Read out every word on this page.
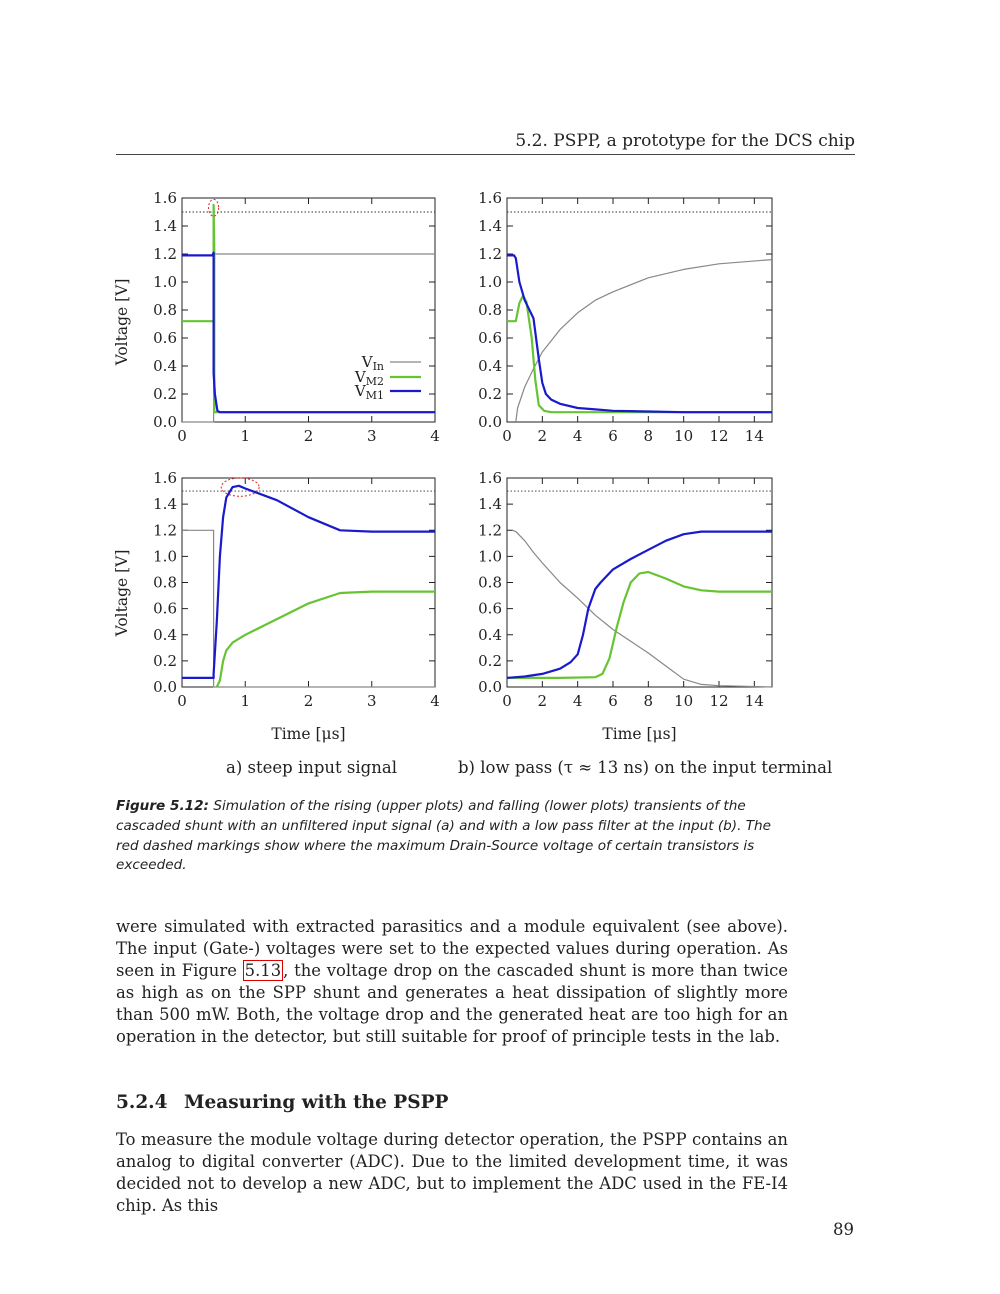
5.2. PSPP, a prototype for the DCS chip
0.0
0.2
0.4
0.6
0.8
1.0
1.2
1.4
1.6
0	1	2	3	4
Voltage [V]
0.0
0.2
0.4
0.6
0.8
1.0
1.2
1.4
1.6
0 2 4 6 8 10 12 14
0.0
0.2
0.4
0.6
0.8
1.0
1.2
1.4
1.6
0	1	2	3	4
Voltage [V]
Time [μs]
0.0
0.2
0.4
0.6
0.8
1.0
1.2
1.4
1.6
0 2 4 6 8 10 12 14
Time [μs]
$V_{In}$
$V_{M2}$
$V_{M1}$
a) steep input signal	b) low pass (τ ≈ 13 ns) on the input terminal
Figure 5.12: Simulation of the rising (upper plots) and falling (lower plots) transients of the cascaded shunt with an unfiltered input signal (a) and with a low pass filter at the input (b). The red dashed markings show where the maximum Drain-Source voltage of certain transistors is exceeded.
were simulated with extracted parasitics and a module equivalent (see above). The input (Gate-) voltages were set to the expected values during operation. As seen in Figure 5.13 , the voltage drop on the cascaded shunt is more than twice as high as on the SPP shunt and generates a heat dissipation of slightly more than 500 mW. Both, the voltage drop and the generated heat are too high for an operation in the detector, but still suitable for proof of principle tests in the lab.
5.2.4 Measuring with the PSPP
To measure the module voltage during detector operation, the PSPP contains an analog to digital converter (ADC). Due to the limited development time, it was decided not to develop a new ADC, but to implement the ADC used in the FE-I4 chip. As this
89
